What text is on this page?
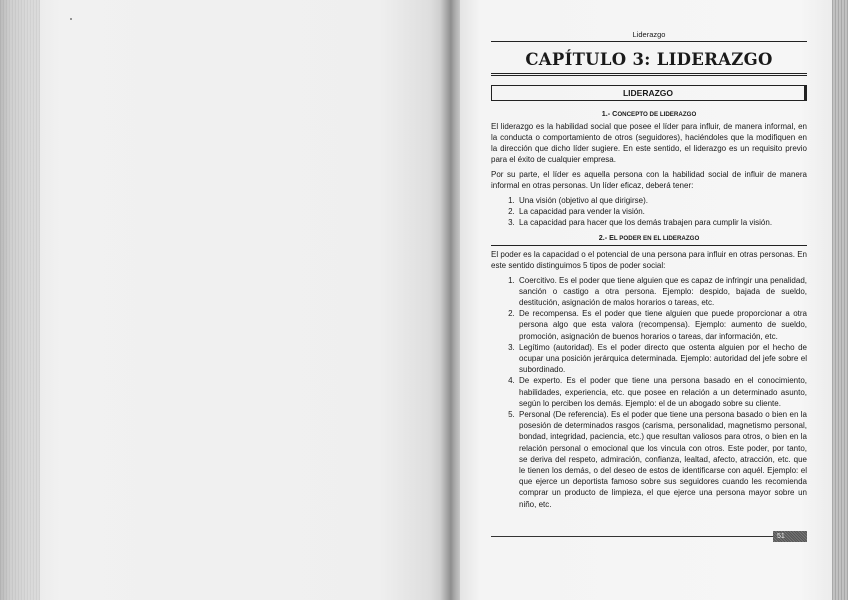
Liderazgo
CAPÍTULO 3: LIDERAZGO
LIDERAZGO
1.- CONCEPTO DE LIDERAZGO

El liderazgo es la habilidad social que posee el líder para influir, de manera informal, en la conducta o comportamiento de otros (seguidores), haciéndoles que la modifiquen en la dirección que dicho líder sugiere. En este sentido, el liderazgo es un requisito previo para el éxito de cualquier empresa.

Por su parte, el líder es aquella persona con la habilidad social de influir de manera informal en otras personas. Un líder eficaz, deberá tener:

1. Una visión (objetivo al que dirigirse).
2. La capacidad para vender la visión.
3. La capacidad para hacer que los demás trabajen para cumplir la visión.
2.- EL PODER EN EL LIDERAZGO

El poder es la capacidad o el potencial de una persona para influir en otras personas. En este sentido distinguimos 5 tipos de poder social:

1. Coercitivo. Es el poder que tiene alguien que es capaz de infringir una penalidad, sanción o castigo a otra persona. Ejemplo: despido, bajada de sueldo, destitución, asignación de malos horarios o tareas, etc.
2. De recompensa. Es el poder que tiene alguien que puede proporcionar a otra persona algo que esta valora (recompensa). Ejemplo: aumento de sueldo, promoción, asignación de buenos horarios o tareas, dar información, etc.
3. Legítimo (autoridad). Es el poder directo que ostenta alguien por el hecho de ocupar una posición jerárquica determinada. Ejemplo: autoridad del jefe sobre el subordinado.
4. De experto. Es el poder que tiene una persona basado en el conocimiento, habilidades, experiencia, etc. que posee en relación a un determinado asunto, según lo perciben los demás. Ejemplo: el de un abogado sobre su cliente.
5. Personal (De referencia). Es el poder que tiene una persona basado o bien en la posesión de determinados rasgos (carisma, personalidad, magnetismo personal, bondad, integridad, paciencia, etc.) que resultan valiosos para otros, o bien en la relación personal o emocional que los vincula con otros. Este poder, por tanto, se deriva del respeto, admiración, confianza, lealtad, afecto, atracción, etc. que le tienen los demás, o del deseo de estos de identificarse con aquél. Ejemplo: el que ejerce un deportista famoso sobre sus seguidores cuando les recomienda comprar un producto de limpieza, el que ejerce una persona mayor sobre un niño, etc.
51
